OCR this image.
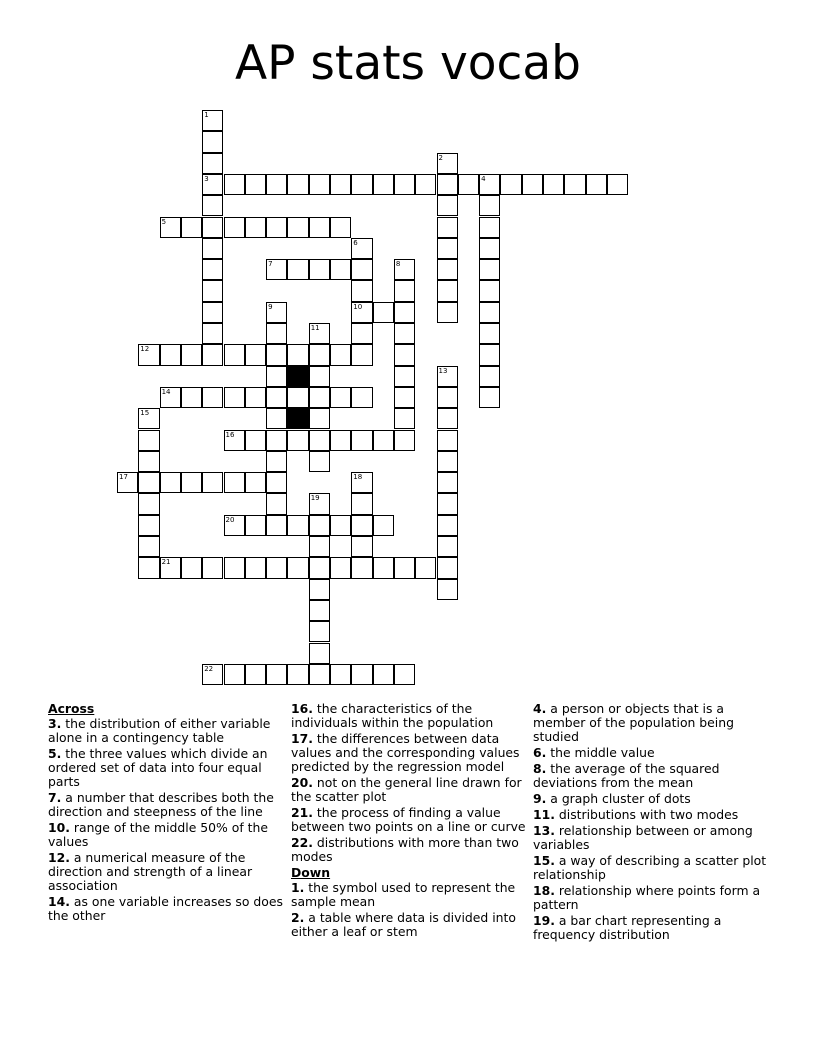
AP stats vocab
1
3
2
4
5
6
10
7	8
9
11
12
13
14
15
16
17	18
19
20
21
22
Across
3. the distribution of either variable alone in a contingency table
5. the three values which divide an ordered set of data into four equal parts
7. a number that describes both the direction and steepness of the line
10. range of the middle 50% of the values
12. a numerical measure of the direction and strength of a linear association
14. as one variable increases so does the other
16. the characteristics of the individuals within the population
17. the differences between data values and the corresponding values predicted by the regression model
20. not on the general line drawn for the scatter plot
21. the process of finding a value between two points on a line or curve
22. distributions with more than two modes
Down
1. the symbol used to represent the sample mean
2. a table where data is divided into either a leaf or stem
4. a person or objects that is a member of the population being studied
6. the middle value
8. the average of the squared deviations from the mean
9. a graph cluster of dots
11. distributions with two modes
13. relationship between or among variables
15. a way of describing a scatter plot relationship
18. relationship where points form a pattern
19. a bar chart representing a frequency distribution
